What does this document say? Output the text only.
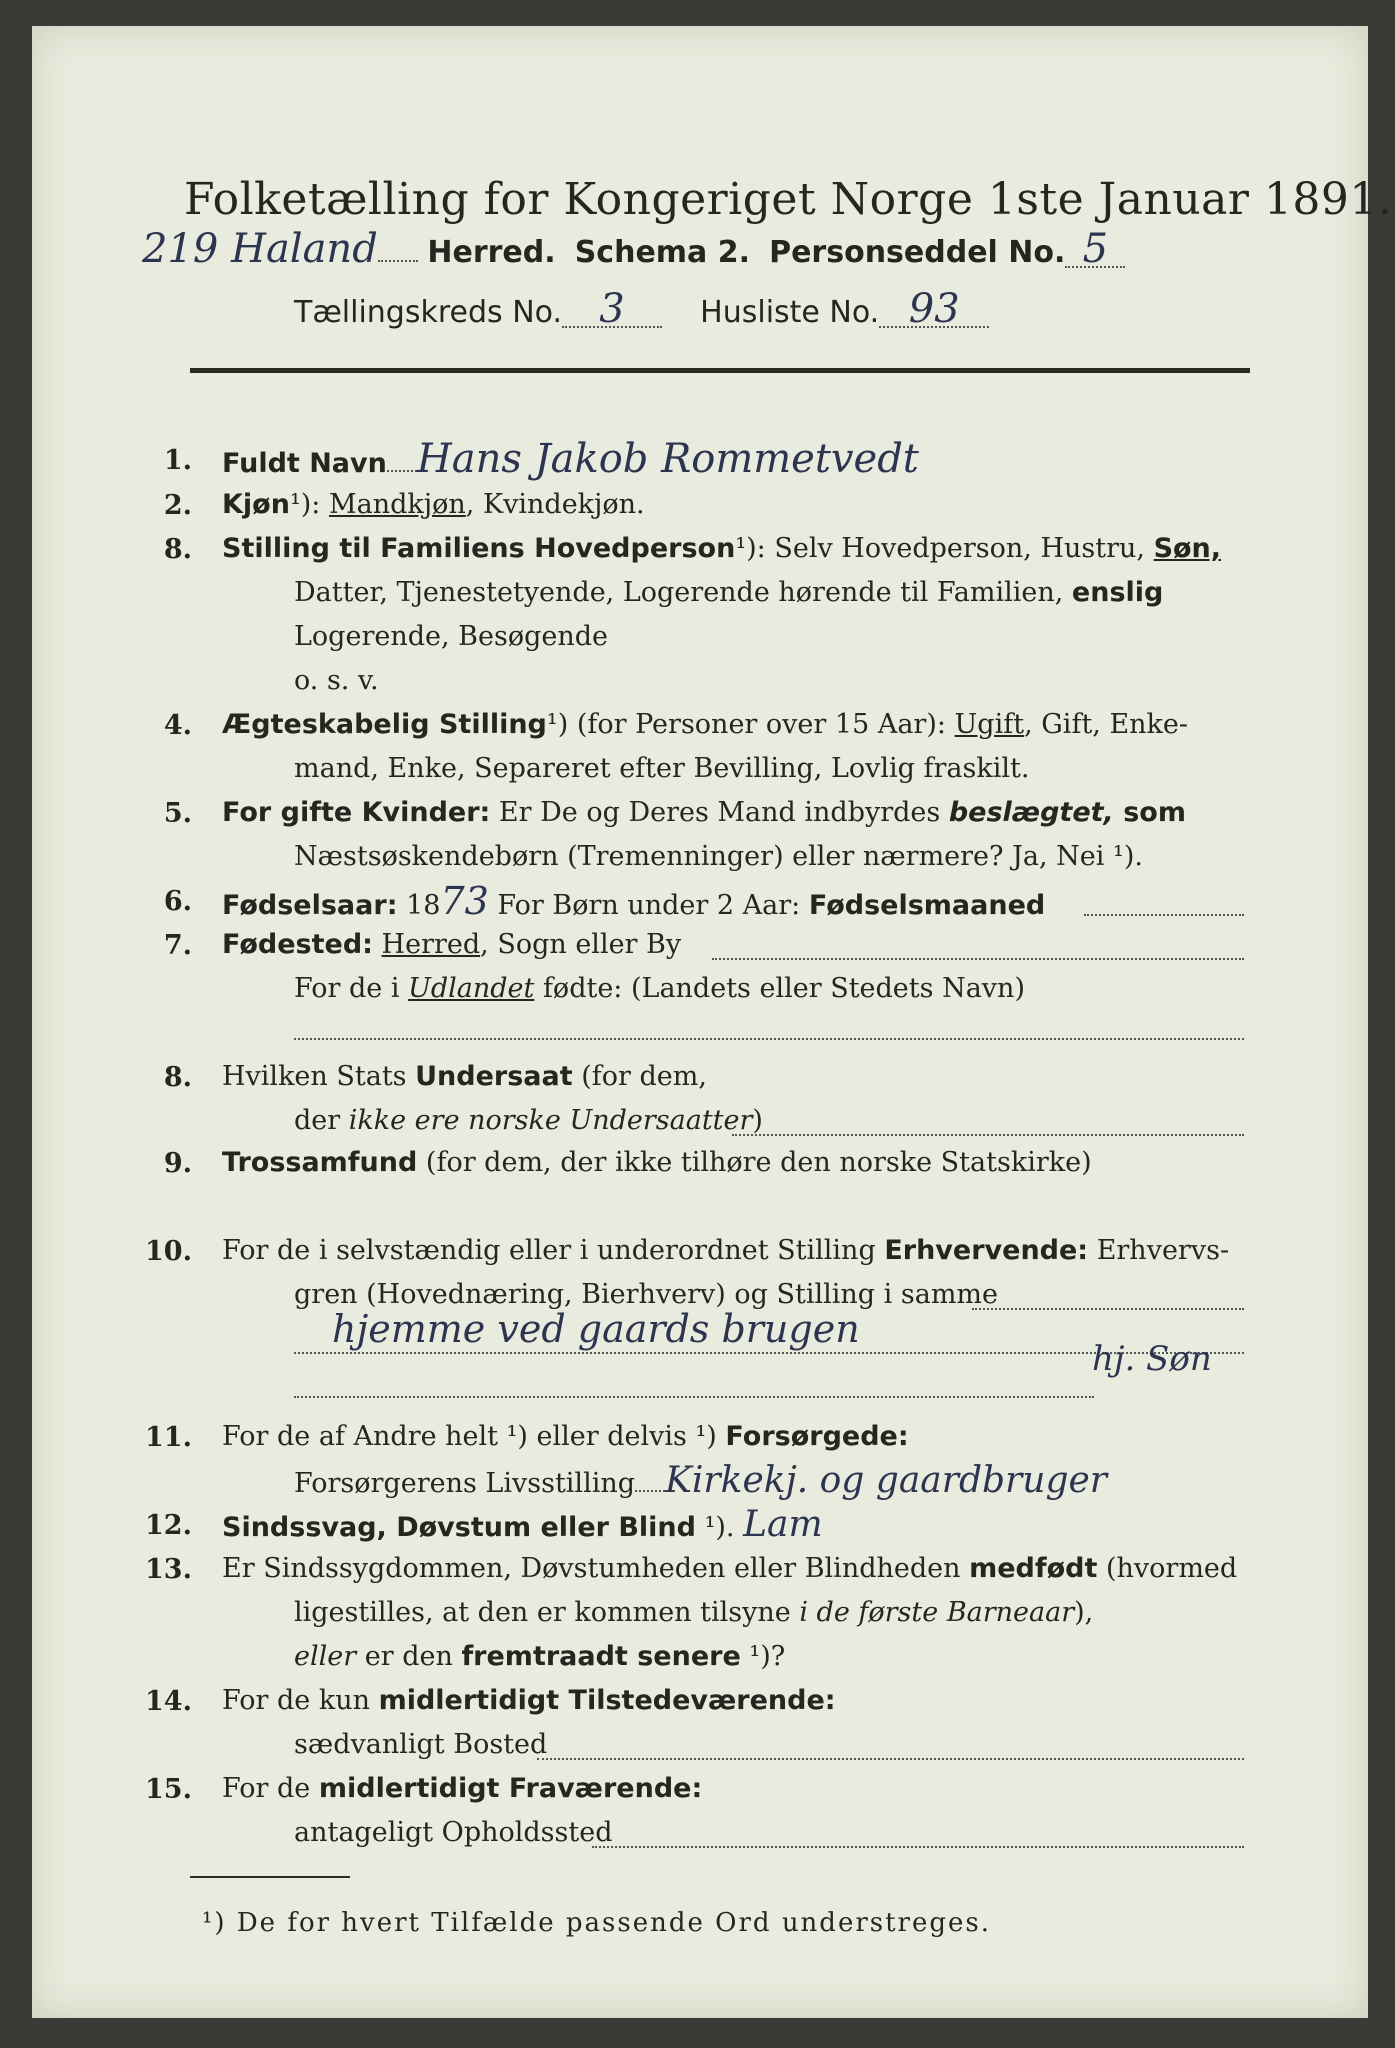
Folketælling for Kongeriget Norge 1ste Januar 1891.
219 Haland Herred. Schema 2. Personseddel No. 5
Tællingskreds No. 3	Husliste No. 93
1. Fuldt Navn Hans Jakob Rommetvedt
2. Kjøn¹): Mandkjøn, Kvindekjøn.
8. Stilling til Familiens Hovedperson¹): Selv Hovedperson, Hustru, Søn,
Datter, Tjenestetyende, Logerende hørende til Familien, enslig
Logerende, Besøgende
o. s. v.
4. Ægteskabelig Stilling¹) (for Personer over 15 Aar): Ugift, Gift, Enke-
mand, Enke, Separeret efter Bevilling, Lovlig fraskilt.
5. For gifte Kvinder: Er De og Deres Mand indbyrdes beslægtet, som
Næstsøskendebørn (Tremenninger) eller nærmere? Ja, Nei ¹).
6. Fødselsaar: 1873 For Børn under 2 Aar: Fødselsmaaned
7. Fødested: Herred, Sogn eller By
For de i Udlandet fødte: (Landets eller Stedets Navn)
8. Hvilken Stats Undersaat (for dem,
der ikke ere norske Undersaatter)
9. Trossamfund (for dem, der ikke tilhøre den norske Statskirke)
10. For de i selvstændig eller i underordnet Stilling Erhvervende: Erhvervs-
gren (Hovednæring, Bierhverv) og Stilling i samme
hjemme ved gaards brugen
hj. Søn
11. For de af Andre helt ¹) eller delvis ¹) Forsørgede:
Forsørgerens Livsstilling Kirkekj. og gaardbruger
12. Sindssvag, Døvstum eller Blind ¹). Lam
13. Er Sindssygdommen, Døvstumheden eller Blindheden medfødt (hvormed
ligestilles, at den er kommen tilsyne i de første Barneaar),
eller er den fremtraadt senere ¹)?
14. For de kun midlertidigt Tilstedeværende:
sædvanligt Bosted
15. For de midlertidigt Fraværende:
antageligt Opholdssted
¹) De for hvert Tilfælde passende Ord understreges.
